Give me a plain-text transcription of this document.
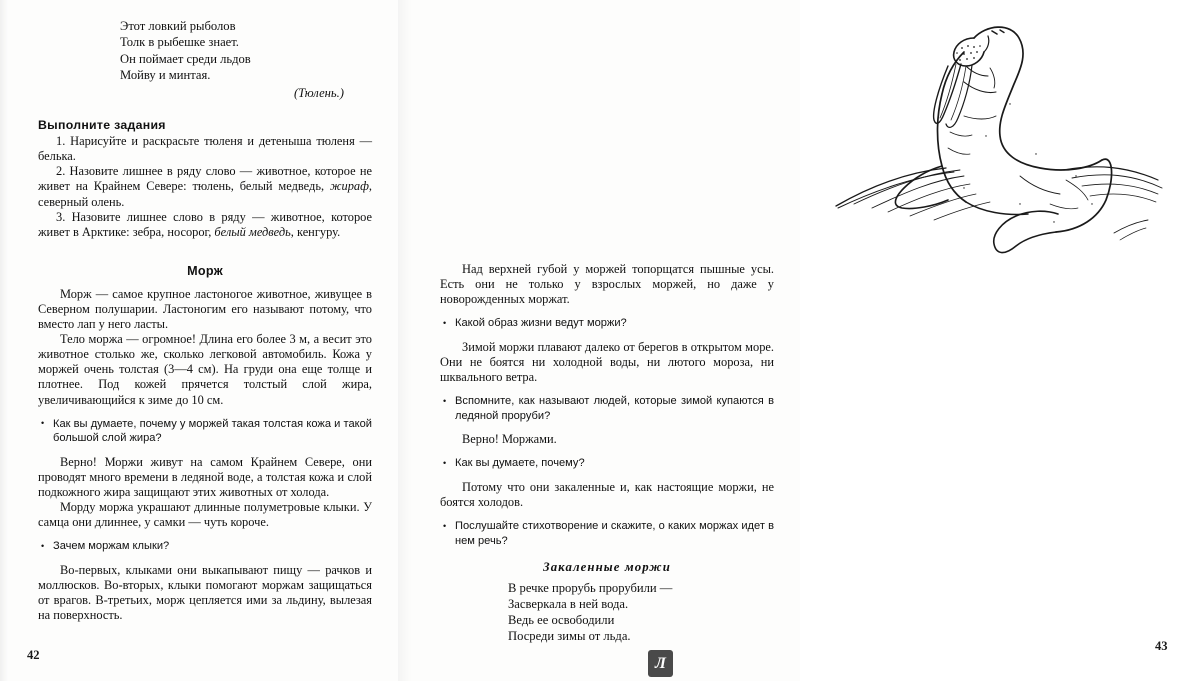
Этот ловкий рыболов
Толк в рыбешке знает.
Он поймает среди льдов
Мойву и минтая.
(Тюлень.)
Выполните задания

1. Нарисуйте и раскрасьте тюленя и детеныша тюленя — белька.

2. Назовите лишнее в ряду слово — животное, которое не живет на Крайнем Севере: тюлень, белый медведь, жираф, северный олень.

3. Назовите лишнее слово в ряду — животное, которое живет в Арктике: зебра, носорог, белый медведь, кенгуру.

Морж

Морж — самое крупное ластоногое животное, живущее в Северном полушарии. Ластоногим его называют потому, что вместо лап у него ласты.

Тело моржа — огромное! Длина его более 3 м, а весит это животное столько же, сколько легковой автомобиль. Кожа у моржей очень толстая (3—4 см). На груди она еще толще и плотнее. Под кожей прячется толстый слой жира, увеличивающийся к зиме до 10 см.

• Как вы думаете, почему у моржей такая толстая кожа и такой большой слой жира?

Верно! Моржи живут на самом Крайнем Севере, они проводят много времени в ледяной воде, а толстая кожа и слой подкожного жира защищают этих животных от холода.

Морду моржа украшают длинные полуметровые клыки. У самца они длиннее, у самки — чуть короче.

• Зачем моржам клыки?

Во-первых, клыками они выкапывают пищу — рачков и моллюсков. Во-вторых, клыки помогают моржам защищаться от врагов. В-третьих, морж цепляется ими за льдину, вылезая на поверхность.

42

Над верхней губой у моржей топорщатся пышные усы. Есть они не только у взрослых моржей, но даже у новорожденных моржат.

• Какой образ жизни ведут моржи?

Зимой моржи плавают далеко от берегов в открытом море. Они не боятся ни холодной воды, ни лютого мороза, ни шквального ветра.

• Вспомните, как называют людей, которые зимой купаются в ледяной проруби?

Верно! Моржами.

• Как вы думаете, почему?

Потому что они закаленные и, как настоящие моржи, не боятся холодов.

• Послушайте стихотворение и скажите, о каких моржах идет в нем речь?
Закаленные моржи
В речке прорубь прорубили —
Засверкала в ней вода.
Ведь ее освободили
Посреди зимы от льда.
43
Л
